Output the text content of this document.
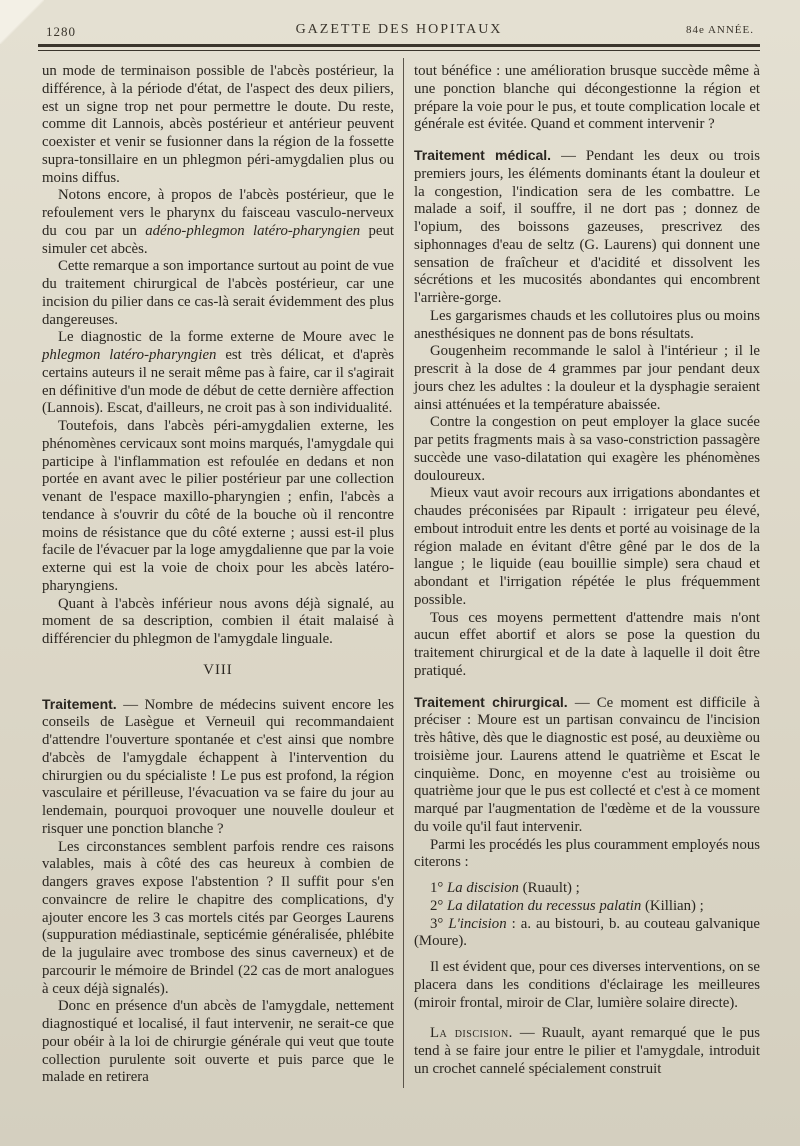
1280	GAZETTE DES HOPITAUX	84e ANNÉE.

un mode de terminaison possible de l'abcès postérieur, la différence, à la période d'état, de l'aspect des deux piliers, est un signe trop net pour permettre le doute. Du reste, comme dit Lannois, abcès postérieur et antérieur peuvent coexister et venir se fusionner dans la région de la fossette supra-tonsillaire en un phlegmon péri-amygdalien plus ou moins diffus.

Notons encore, à propos de l'abcès postérieur, que le refoulement vers le pharynx du faisceau vasculo-nerveux du cou par un adéno-phlegmon latéro-pharyngien peut simuler cet abcès.

Cette remarque a son importance surtout au point de vue du traitement chirurgical de l'abcès postérieur, car une incision du pilier dans ce cas-là serait évidemment des plus dangereuses.

Le diagnostic de la forme externe de Moure avec le phlegmon latéro-pharyngien est très délicat, et d'après certains auteurs il ne serait même pas à faire, car il s'agirait en définitive d'un mode de début de cette dernière affection (Lannois). Escat, d'ailleurs, ne croit pas à son individualité.

Toutefois, dans l'abcès péri-amygdalien externe, les phénomènes cervicaux sont moins marqués, l'amygdale qui participe à l'inflammation est refoulée en dedans et non portée en avant avec le pilier postérieur par une collection venant de l'espace maxillo-pharyngien ; enfin, l'abcès a tendance à s'ouvrir du côté de la bouche où il rencontre moins de résistance que du côté externe ; aussi est-il plus facile de l'évacuer par la loge amygdalienne que par la voie externe qui est la voie de choix pour les abcès latéro-pharyngiens.

Quant à l'abcès inférieur nous avons déjà signalé, au moment de sa description, combien il était malaisé à différencier du phlegmon de l'amygdale linguale.

VIII

Traitement. — Nombre de médecins suivent encore les conseils de Lasègue et Verneuil qui recommandaient d'attendre l'ouverture spontanée et c'est ainsi que nombre d'abcès de l'amygdale échappent à l'intervention du chirurgien ou du spécialiste ! Le pus est profond, la région vasculaire et périlleuse, l'évacuation va se faire du jour au lendemain, pourquoi provoquer une nouvelle douleur et risquer une ponction blanche ?

Les circonstances semblent parfois rendre ces raisons valables, mais à côté des cas heureux à combien de dangers graves expose l'abstention ? Il suffit pour s'en convaincre de relire le chapitre des complications, d'y ajouter encore les 3 cas mortels cités par Georges Laurens (suppuration médiastinale, septicémie généralisée, phlébite de la jugulaire avec trombose des sinus caverneux) et de parcourir le mémoire de Brindel (22 cas de mort analogues à ceux déjà signalés).

Donc en présence d'un abcès de l'amygdale, nettement diagnostiqué et localisé, il faut intervenir, ne serait-ce que pour obéir à la loi de chirurgie générale qui veut que toute collection purulente soit ouverte et puis parce que le malade en retirera

tout bénéfice : une amélioration brusque succède même à une ponction blanche qui décongestionne la région et prépare la voie pour le pus, et toute complication locale et générale est évitée. Quand et comment intervenir ?

Traitement médical. — Pendant les deux ou trois premiers jours, les éléments dominants étant la douleur et la congestion, l'indication sera de les combattre. Le malade a soif, il souffre, il ne dort pas ; donnez de l'opium, des boissons gazeuses, prescrivez des siphonnages d'eau de seltz (G. Laurens) qui donnent une sensation de fraîcheur et d'acidité et dissolvent les sécrétions et les mucosités abondantes qui encombrent l'arrière-gorge.

Les gargarismes chauds et les collutoires plus ou moins anesthésiques ne donnent pas de bons résultats.

Gougenheim recommande le salol à l'intérieur ; il le prescrit à la dose de 4 grammes par jour pendant deux jours chez les adultes : la douleur et la dysphagie seraient ainsi atténuées et la température abaissée.

Contre la congestion on peut employer la glace sucée par petits fragments mais à sa vaso-constriction passagère succède une vaso-dilatation qui exagère les phénomènes douloureux.

Mieux vaut avoir recours aux irrigations abondantes et chaudes préconisées par Ripault : irrigateur peu élevé, embout introduit entre les dents et porté au voisinage de la région malade en évitant d'être gêné par le dos de la langue ; le liquide (eau bouillie simple) sera chaud et abondant et l'irrigation répétée le plus fréquemment possible.

Tous ces moyens permettent d'attendre mais n'ont aucun effet abortif et alors se pose la question du traitement chirurgical et de la date à laquelle il doit être pratiqué.

Traitement chirurgical. — Ce moment est difficile à préciser : Moure est un partisan convaincu de l'incision très hâtive, dès que le diagnostic est posé, au deuxième ou troisième jour. Laurens attend le quatrième et Escat le cinquième. Donc, en moyenne c'est au troisième ou quatrième jour que le pus est collecté et c'est à ce moment marqué par l'augmentation de l'œdème et de la voussure du voile qu'il faut intervenir.

Parmi les procédés les plus couramment employés nous citerons :

1° La discision (Ruault) ;

2° La dilatation du recessus palatin (Killian) ;

3° L'incision : a. au bistouri, b. au couteau galvanique (Moure).

Il est évident que, pour ces diverses interventions, on se placera dans les conditions d'éclairage les meilleures (miroir frontal, miroir de Clar, lumière solaire directe).

La discision. — Ruault, ayant remarqué que le pus tend à se faire jour entre le pilier et l'amygdale, introduit un crochet cannelé spécialement construit
